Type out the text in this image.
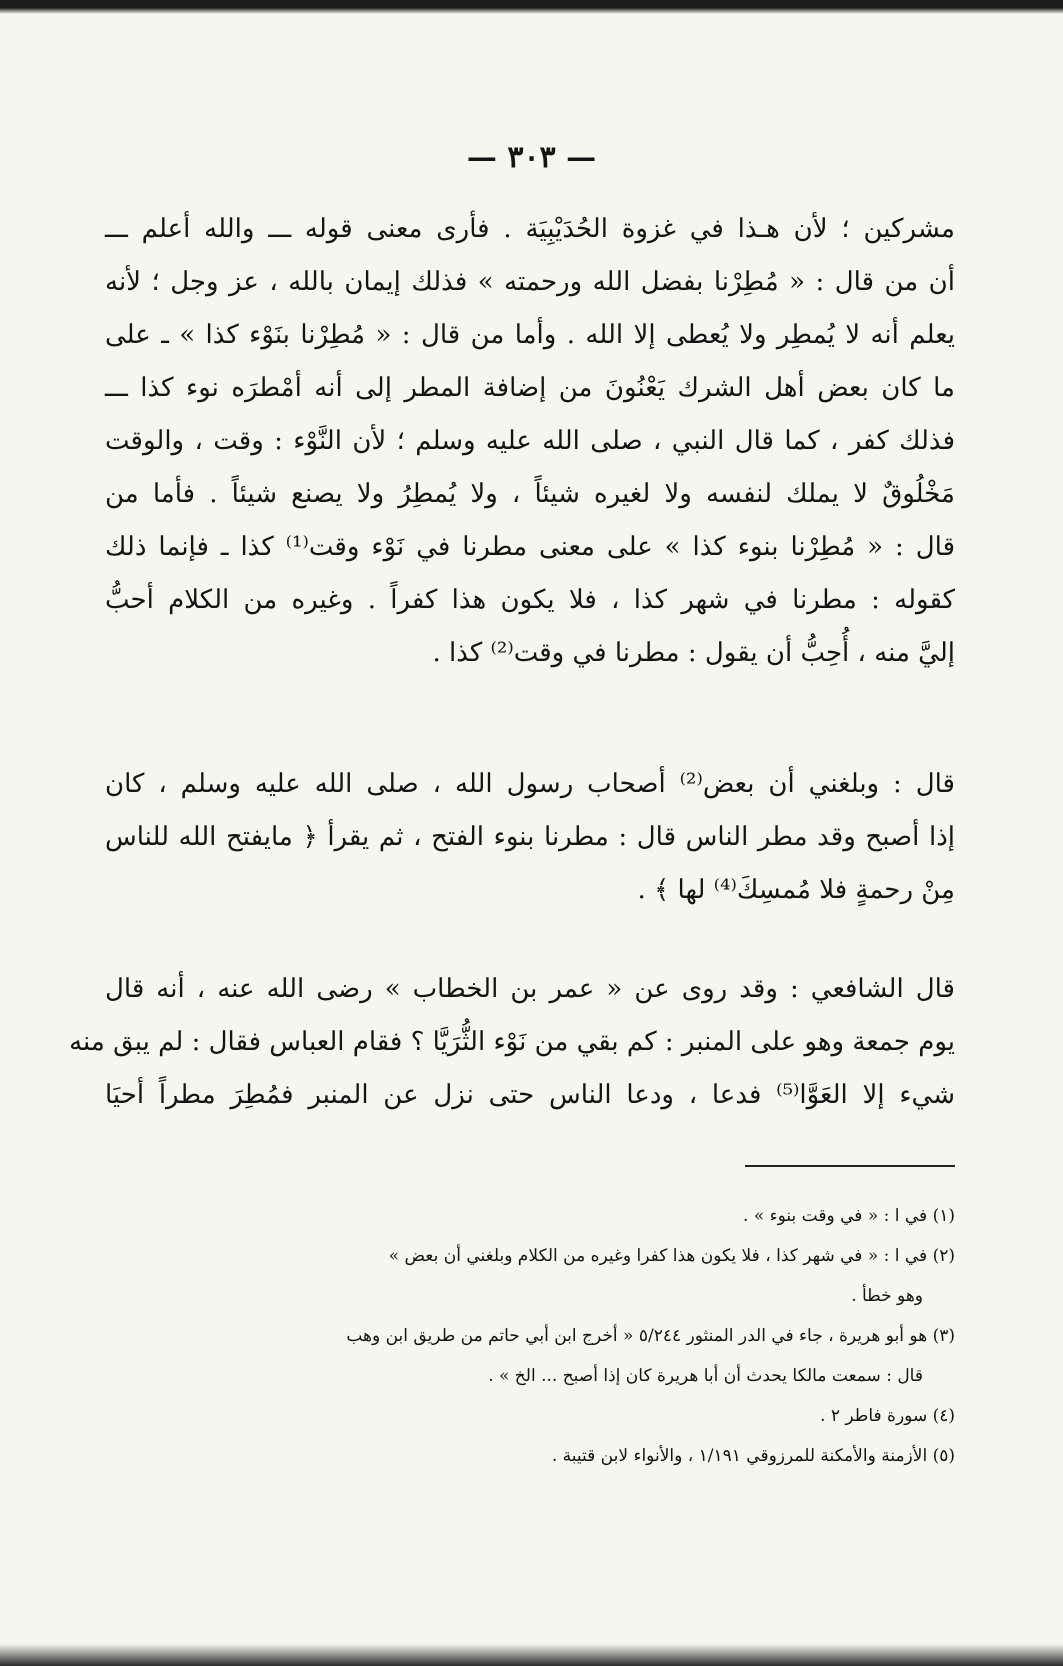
— ٣٠٣ —
مشركين ؛ لأن هـذا في غزوة الحُدَيْبِيَة . فأرى معنى قوله ـــ والله أعلم ـــ
أن من قال : « مُطِرْنا بفضل الله ورحمته » فذلك إيمان بالله ، عز وجل ؛ لأنه
يعلم أنه لا يُمطِر ولا يُعطى إلا الله . وأما من قال : « مُطِرْنا بنَوْء كذا » ـ على
ما كان بعض أهل الشرك يَعْنُونَ من إضافة المطر إلى أنه أمْطرَه نوء كذا ـــ
فذلك كفر ، كما قال النبي ، صلى الله عليه وسلم ؛ لأن النَّوْء : وقت ، والوقت
مَخْلُوقٌ لا يملك لنفسه ولا لغيره شيئاً ، ولا يُمطِرُ ولا يصنع شيئاً . فأما من
قال : « مُطِرْنا بنوء كذا » على معنى مطرنا في نَوْء وقت⁽¹⁾ كذا ـ فإنما ذلك
كقوله : مطرنا في شهر كذا ، فلا يكون هذا كفراً . وغيره من الكلام أحبُّ
إليَّ منه ، أُحِبُّ أن يقول : مطرنا في وقت⁽²⁾ كذا .
قال : وبلغني أن بعض⁽²⁾ أصحاب رسول الله ، صلى الله عليه وسلم ، كان
إذا أصبح وقد مطر الناس قال : مطرنا بنوء الفتح ، ثم يقرأ ﴿ مايفتح الله للناس
مِنْ رحمةٍ فلا مُمسِكَ⁽⁴⁾ لها ﴾ .
قال الشافعي : وقد روى عن « عمر بن الخطاب » رضى الله عنه ، أنه قال
يوم جمعة وهو على المنبر : كم بقي من نَوْء الثُّرَيَّا ؟ فقام العباس فقال : لم يبق منه
شيء إلا العَوَّا⁽⁵⁾ فدعا ، ودعا الناس حتى نزل عن المنبر فمُطِرَ مطراً أحيَا
(١) في ا : « في وقت بنوء » .
(٢) في ا : « في شهر كذا ، فلا يكون هذا كفرا وغيره من الكلام وبلغني أن بعض »
وهو خطأ .
(٣) هو أبو هريرة ، جاء في الدر المنثور ٥/٢٤٤ « أخرج ابن أبي حاتم من طريق ابن وهب
قال : سمعت مالكا يحدث أن أبا هريرة كان إذا أصبح ... الخ » .
(٤) سورة فاطر ٢ .
(٥) الأزمنة والأمكنة للمرزوقي ١/١٩١ ، والأنواء لابن قتيبة .
